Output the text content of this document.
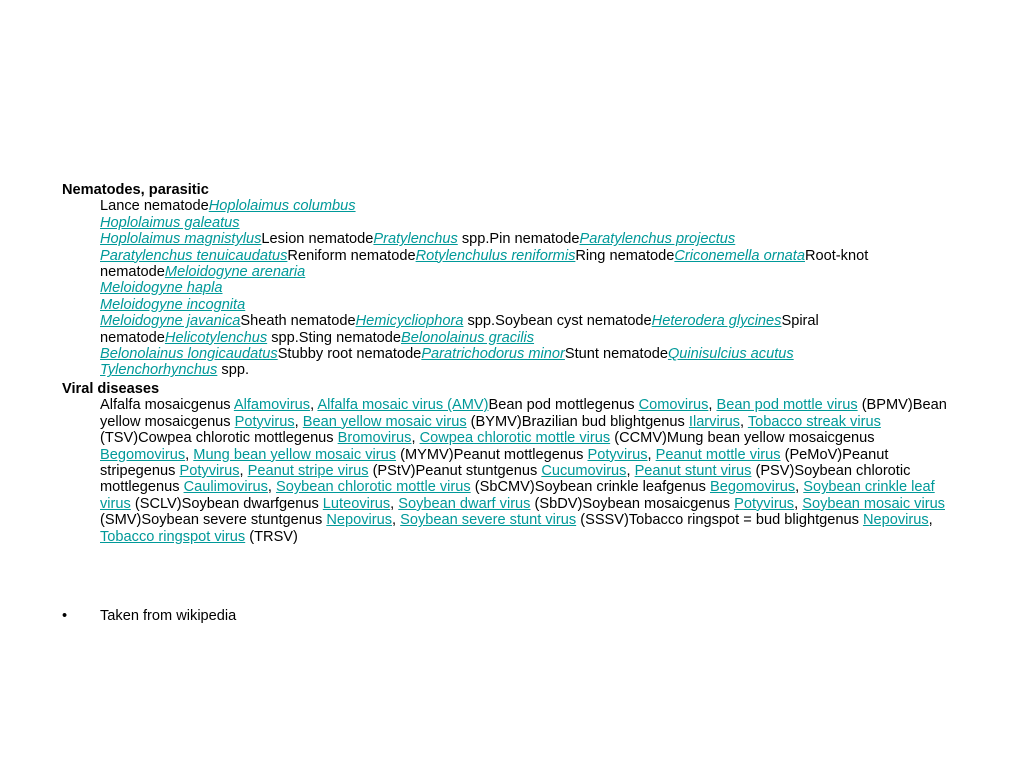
Nematodes, parasitic
Lance nematodeHoplolaimus columbus
Hoplolaimus galeatus
Hoplolaimus magnistylusLesion nematodePratylenchus spp.Pin nematodeParatylenchus projectus
Paratylenchus tenuicaudatusReniform nematodeRotylenchulus reniformisRing nematodeCriconemella ornataRoot-knot nematodeMeloidogyne arenaria
Meloidogyne hapla
Meloidogyne incognita
Meloidogyne javanicaSheath nematodeHemicycliophora spp.Soybean cyst nematodeHeterodera glycinesSpiral nematodeHelicotylenchus spp.Sting nematodeBelonolainus gracilis
Belonolainus longicaudatusStubby root nematodeParatrichodorus minorStunt nematodeQuinisulcius acutus
Tylenchorhynchus spp.
Viral diseases
Alfalfa mosaicgenus Alfamovirus, Alfalfa mosaic virus (AMV)Bean pod mottlegenus Comovirus, Bean pod mottle virus (BPMV)Bean yellow mosaicgenus Potyvirus, Bean yellow mosaic virus (BYMV)Brazilian bud blightgenus Ilarvirus, Tobacco streak virus (TSV)Cowpea chlorotic mottlegenus Bromovirus, Cowpea chlorotic mottle virus (CCMV)Mung bean yellow mosaicgenus Begomovirus, Mung bean yellow mosaic virus (MYMV)Peanut mottlegenus Potyvirus, Peanut mottle virus (PeMoV)Peanut stripegenus Potyvirus, Peanut stripe virus (PStV)Peanut stuntgenus Cucumovirus, Peanut stunt virus (PSV)Soybean chlorotic mottlegenus Caulimovirus, Soybean chlorotic mottle virus (SbCMV)Soybean crinkle leafgenus Begomovirus, Soybean crinkle leaf virus (SCLV)Soybean dwarfgenus Luteovirus, Soybean dwarf virus (SbDV)Soybean mosaicgenus Potyvirus, Soybean mosaic virus (SMV)Soybean severe stuntgenus Nepovirus, Soybean severe stunt virus (SSSV)Tobacco ringspot = bud blightgenus Nepovirus, Tobacco ringspot virus (TRSV)
• Taken from wikipedia
